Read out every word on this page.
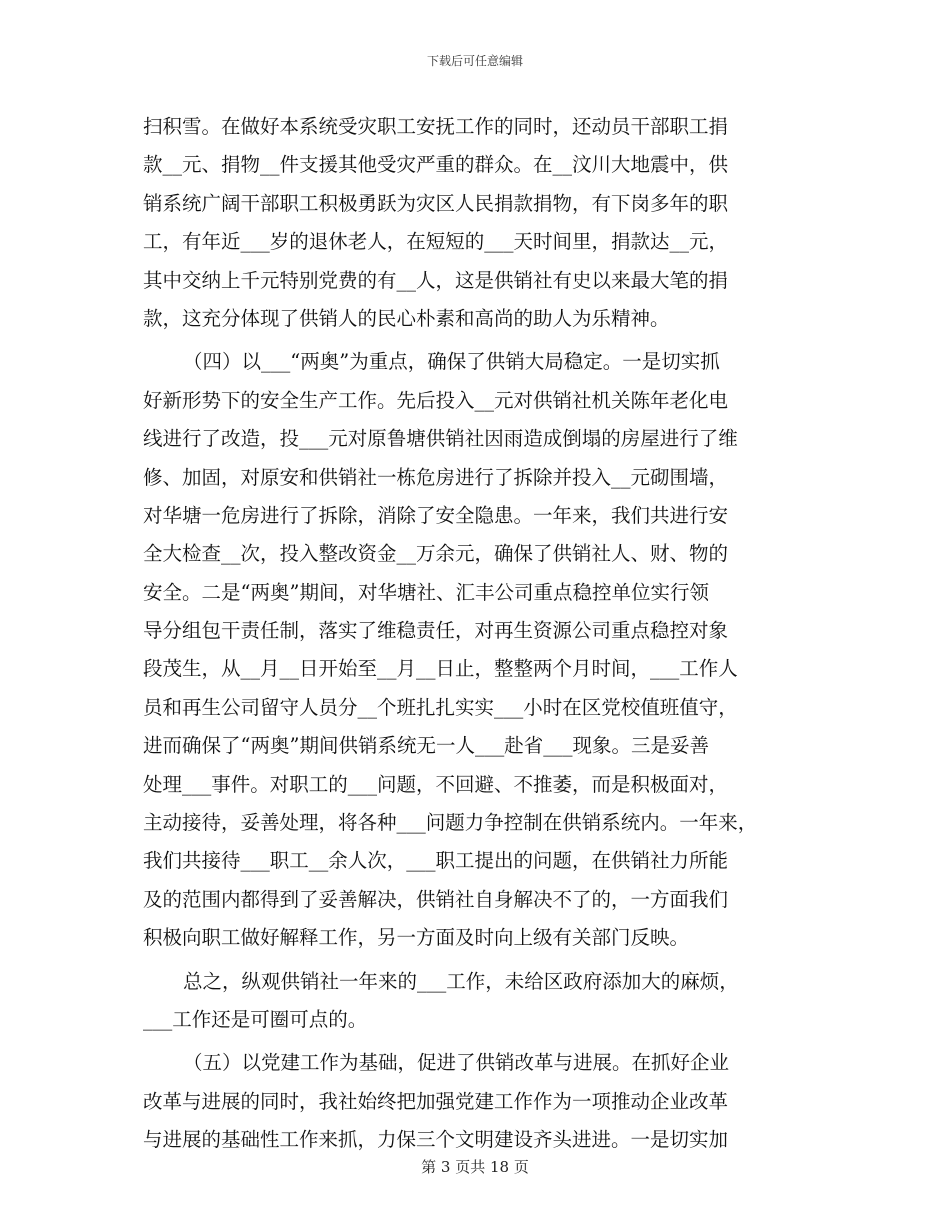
下载后可任意编辑
扫积雪。在做好本系统受灾职工安抚工作的同时，还动员干部职工捐
款__元、捐物__件支援其他受灾严重的群众。在__汶川大地震中，供
销系统广阔干部职工积极勇跃为灾区人民捐款捐物，有下岗多年的职
工，有年近___岁的退休老人，在短短的___天时间里，捐款达__元，
其中交纳上千元特别党费的有__人，这是供销社有史以来最大笔的捐
款，这充分体现了供销人的民心朴素和高尚的助人为乐精神。
（四）以___“两奥”为重点，确保了供销大局稳定。一是切实抓
好新形势下的安全生产工作。先后投入__元对供销社机关陈年老化电
线进行了改造，投___元对原鲁塘供销社因雨造成倒塌的房屋进行了维
修、加固，对原安和供销社一栋危房进行了拆除并投入__元砌围墙，
对华塘一危房进行了拆除，消除了安全隐患。一年来，我们共进行安
全大检查__次，投入整改资金__万余元，确保了供销社人、财、物的
安全。二是“两奥”期间，对华塘社、汇丰公司重点稳控单位实行领
导分组包干责任制，落实了维稳责任，对再生资源公司重点稳控对象
段茂生，从__月__日开始至__月__日止，整整两个月时间，___工作人
员和再生公司留守人员分__个班扎扎实实___小时在区党校值班值守，
进而确保了“两奥”期间供销系统无一人___赴省___现象。三是妥善
处理___事件。对职工的___问题，不回避、不推萎，而是积极面对，
主动接待，妥善处理，将各种___问题力争控制在供销系统内。一年来，
我们共接待___职工__余人次，___职工提出的问题，在供销社力所能
及的范围内都得到了妥善解决，供销社自身解决不了的，一方面我们
积极向职工做好解释工作，另一方面及时向上级有关部门反映。
总之，纵观供销社一年来的___工作，未给区政府添加大的麻烦，
___工作还是可圈可点的。
（五）以党建工作为基础，促进了供销改革与进展。在抓好企业
改革与进展的同时，我社始终把加强党建工作作为一项推动企业改革
与进展的基础性工作来抓，力保三个文明建设齐头进进。一是切实加
第 3 页共 18 页
